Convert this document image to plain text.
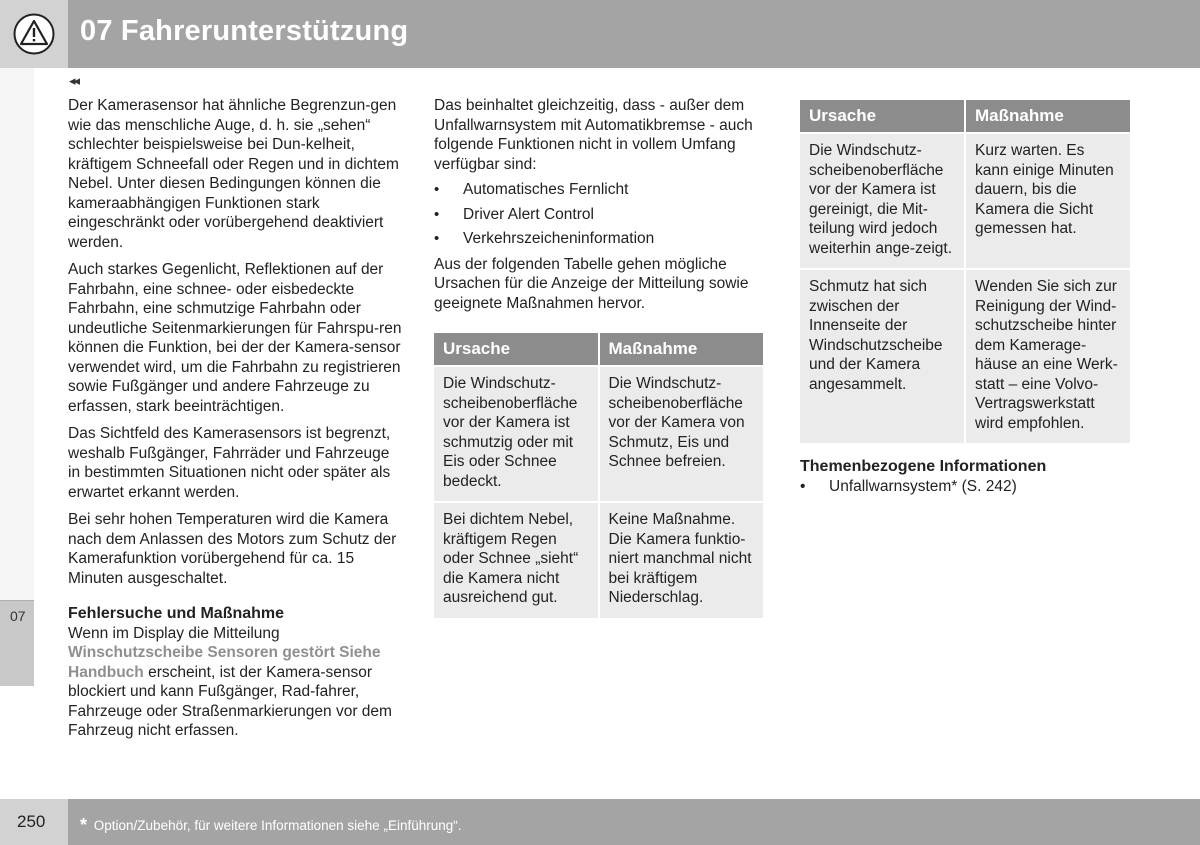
07 Fahrerunterstützung
07
◂◂

Der Kamerasensor hat ähnliche Begrenzun-gen wie das menschliche Auge, d. h. sie „sehen“ schlechter beispielsweise bei Dun-kelheit, kräftigem Schneefall oder Regen und in dichtem Nebel. Unter diesen Bedingungen können die kameraabhängigen Funktionen stark eingeschränkt oder vorübergehend deaktiviert werden.

Auch starkes Gegenlicht, Reflektionen auf der Fahrbahn, eine schnee- oder eisbedeckte Fahrbahn, eine schmutzige Fahrbahn oder undeutliche Seitenmarkierungen für Fahrspu-ren können die Funktion, bei der der Kamera-sensor verwendet wird, um die Fahrbahn zu registrieren sowie Fußgänger und andere Fahrzeuge zu erfassen, stark beeinträchtigen.

Das Sichtfeld des Kamerasensors ist begrenzt, weshalb Fußgänger, Fahrräder und Fahrzeuge in bestimmten Situationen nicht oder später als erwartet erkannt werden.

Bei sehr hohen Temperaturen wird die Kamera nach dem Anlassen des Motors zum Schutz der Kamerafunktion vorübergehend für ca. 15 Minuten ausgeschaltet.

Fehlersuche und Maßnahme
Wenn im Display die Mitteilung Winschutzscheibe Sensoren gestört Siehe Handbuch erscheint, ist der Kamera-sensor blockiert und kann Fußgänger, Rad-fahrer, Fahrzeuge oder Straßenmarkierungen vor dem Fahrzeug nicht erfassen.

Das beinhaltet gleichzeitig, dass - außer dem Unfallwarnsystem mit Automatikbremse - auch folgende Funktionen nicht in vollem Umfang verfügbar sind:

• Automatisches Fernlicht
• Driver Alert Control
• Verkehrszeicheninformation

Aus der folgenden Tabelle gehen mögliche Ursachen für die Anzeige der Mitteilung sowie geeignete Maßnahmen hervor.

Ursache	Maßnahme
Die Windschutz-scheibenoberfläche vor der Kamera ist schmutzig oder mit Eis oder Schnee bedeckt.	Die Windschutz-scheibenoberfläche vor der Kamera von Schmutz, Eis und Schnee befreien.
Bei dichtem Nebel, kräftigem Regen oder Schnee „sieht“ die Kamera nicht ausreichend gut.	Keine Maßnahme. Die Kamera funktio-niert manchmal nicht bei kräftigem Niederschlag.
Ursache	Maßnahme
Die Windschutz-scheibenoberfläche vor der Kamera ist gereinigt, die Mit-teilung wird jedoch weiterhin ange-zeigt.	Kurz warten. Es kann einige Minuten dauern, bis die Kamera die Sicht gemessen hat.
Schmutz hat sich zwischen der Innenseite der Windschutzscheibe und der Kamera angesammelt.	Wenden Sie sich zur Reinigung der Wind-schutzscheibe hinter dem Kamerage-häuse an eine Werk-statt – eine Volvo-Vertragswerkstatt wird empfohlen.
Themenbezogene Informationen
• Unfallwarnsystem* (S. 242)
250 * Option/Zubehör, für weitere Informationen siehe „Einführung“.
